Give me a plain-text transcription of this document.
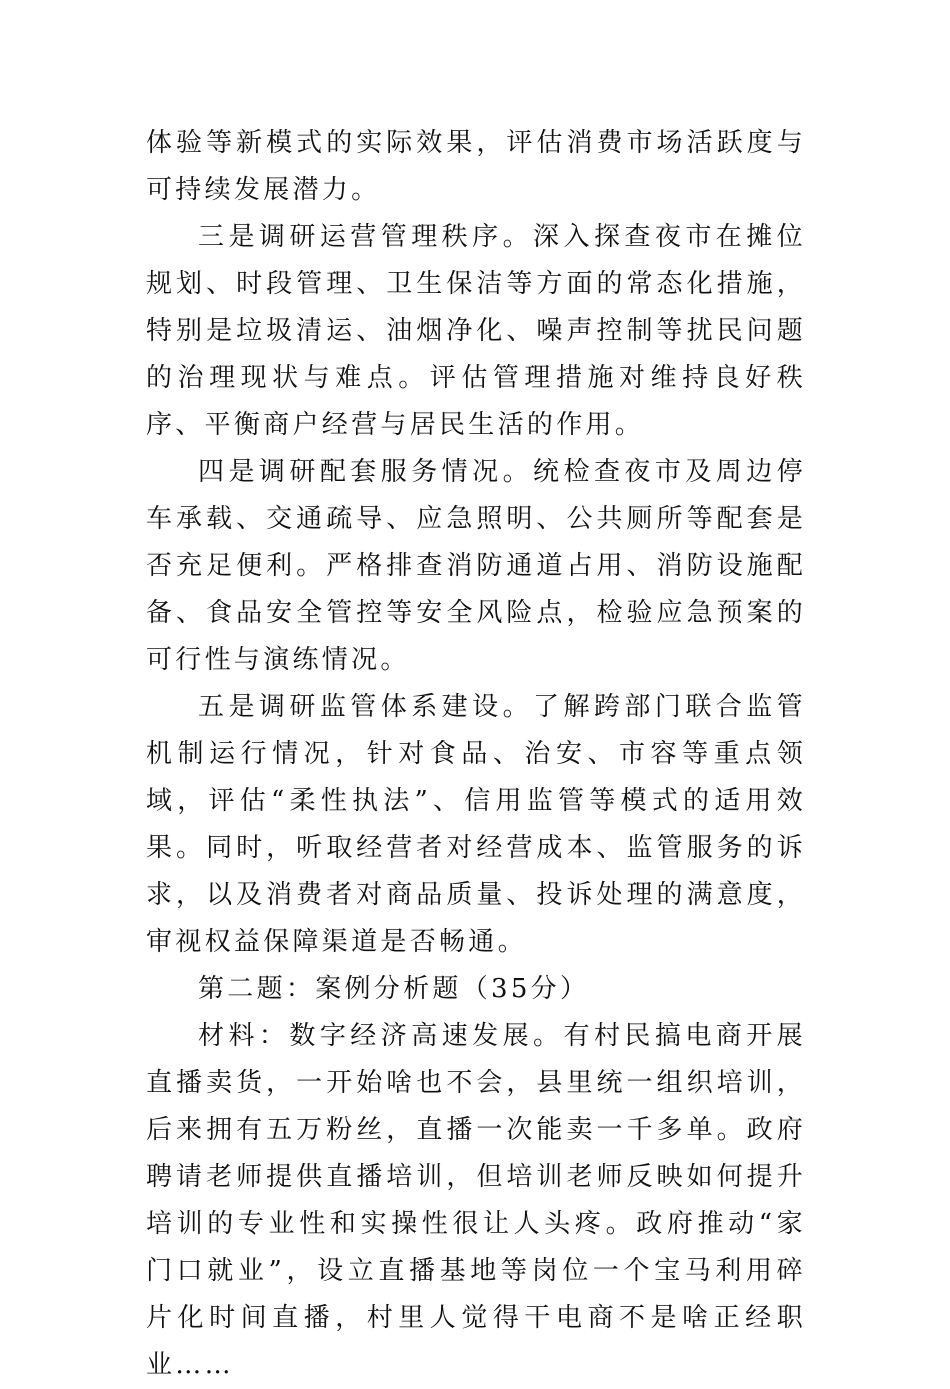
体验等新模式的实际效果，评估消费市场活跃度与可持续发展潜力。

三是调研运营管理秩序。深入探查夜市在摊位规划、时段管理、卫生保洁等方面的常态化措施，特别是垃圾清运、油烟净化、噪声控制等扰民问题的治理现状与难点。评估管理措施对维持良好秩序、平衡商户经营与居民生活的作用。

四是调研配套服务情况。统检查夜市及周边停车承载、交通疏导、应急照明、公共厕所等配套是否充足便利。严格排查消防通道占用、消防设施配备、食品安全管控等安全风险点，检验应急预案的可行性与演练情况。

五是调研监管体系建设。了解跨部门联合监管机制运行情况，针对食品、治安、市容等重点领域，评估“柔性执法”、信用监管等模式的适用效果。同时，听取经营者对经营成本、监管服务的诉求，以及消费者对商品质量、投诉处理的满意度，审视权益保障渠道是否畅通。

第二题：案例分析题（35分）

材料：数字经济高速发展。有村民搞电商开展直播卖货，一开始啥也不会，县里统一组织培训，后来拥有五万粉丝，直播一次能卖一千多单。政府聘请老师提供直播培训，但培训老师反映如何提升培训的专业性和实操性很让人头疼。政府推动“家门口就业”，设立直播基地等岗位一个宝马利用碎片化时间直播，村里人觉得干电商不是啥正经职业……
